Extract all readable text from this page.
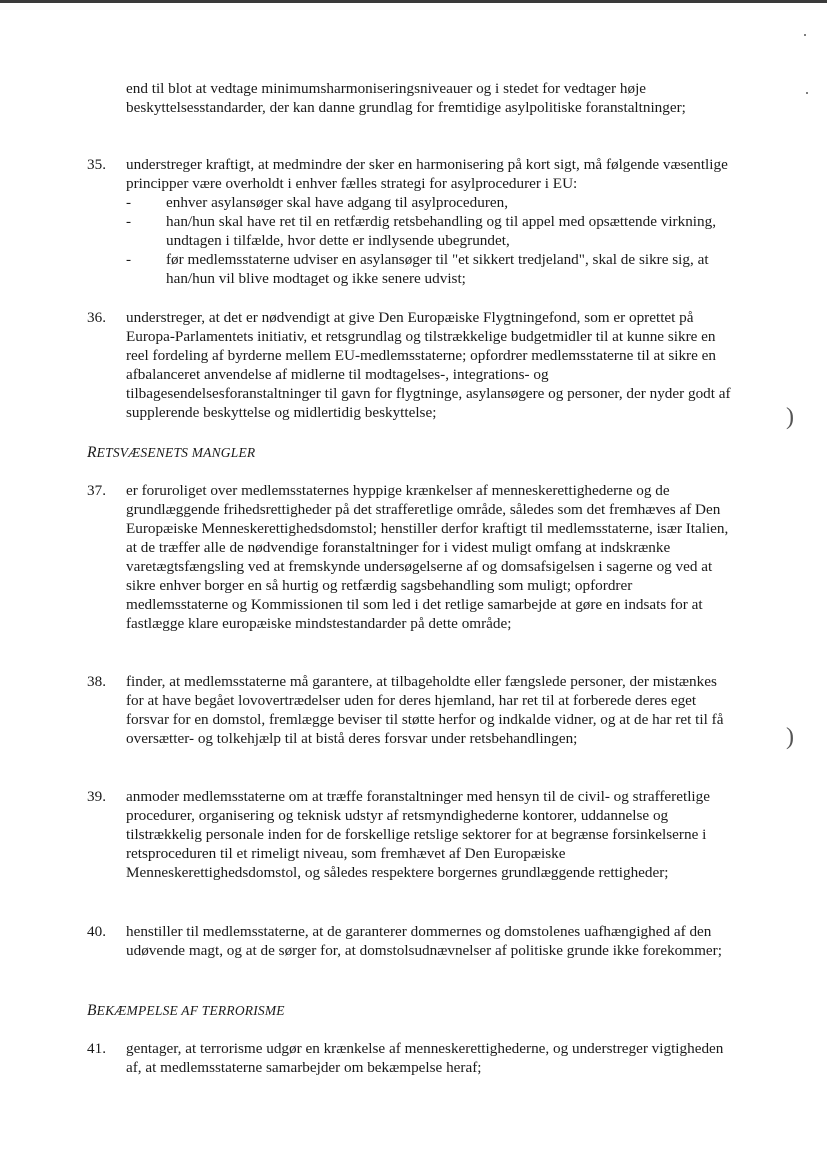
)
)

end til blot at vedtage minimumsharmoniseringsniveauer og i stedet for vedtager høje beskyttelsesstandarder, der kan danne grundlag for fremtidige asylpolitiske foranstaltninger;

35.	understreger kraftigt, at medmindre der sker en harmonisering på kort sigt, må følgende væsentlige principper være overholdt i enhver fælles strategi for asylprocedurer i EU:

- enhver asylansøger skal have adgang til asylproceduren,
- han/hun skal have ret til en retfærdig retsbehandling og til appel med opsættende virkning, undtagen i tilfælde, hvor dette er indlysende ubegrundet,
- før medlemsstaterne udviser en asylansøger til "et sikkert tredjeland", skal de sikre sig, at han/hun vil blive modtaget og ikke senere udvist;
36.	understreger, at det er nødvendigt at give Den Europæiske Flygtningefond, som er oprettet på Europa-Parlamentets initiativ, et retsgrundlag og tilstrækkelige budgetmidler til at kunne sikre en reel fordeling af byrderne mellem EU-medlemsstaterne; opfordrer medlemsstaterne til at sikre en afbalanceret anvendelse af midlerne til modtagelses-, integrations- og tilbagesendelsesforanstaltninger til gavn for flygtninge, asylansøgere og personer, der nyder godt af supplerende beskyttelse og midlertidig beskyttelse;

RETSVÆSENETS MANGLER
37.	er foruroliget over medlemsstaternes hyppige krænkelser af menneskerettighederne og de grundlæggende frihedsrettigheder på det strafferetlige område, således som det fremhæves af Den Europæiske Menneskerettighedsdomstol; henstiller derfor kraftigt til medlemsstaterne, især Italien, at de træffer alle de nødvendige foranstaltninger for i videst muligt omfang at indskrænke varetægtsfængsling ved at fremskynde undersøgelserne af og domsafsigelsen i sagerne og ved at sikre enhver borger en så hurtig og retfærdig sagsbehandling som muligt; opfordrer medlemsstaterne og Kommissionen til som led i det retlige samarbejde at gøre en indsats for at fastlægge klare europæiske mindstestandarder på dette område;

38.	finder, at medlemsstaterne må garantere, at tilbageholdte eller fængslede personer, der mistænkes for at have begået lovovertrædelser uden for deres hjemland, har ret til at forberede deres eget forsvar for en domstol, fremlægge beviser til støtte herfor og indkalde vidner, og at de har ret til få oversætter- og tolkehjælp til at bistå deres forsvar under retsbehandlingen;

39.	anmoder medlemsstaterne om at træffe foranstaltninger med hensyn til de civil- og strafferetlige procedurer, organisering og teknisk udstyr af retsmyndighederne kontorer, uddannelse og tilstrækkelig personale inden for de forskellige retslige sektorer for at begrænse forsinkelserne i retsproceduren til et rimeligt niveau, som fremhævet af Den Europæiske Menneskerettighedsdomstol, og således respektere borgernes grundlæggende rettigheder;

40.	henstiller til medlemsstaterne, at de garanterer dommernes og domstolenes uafhængighed af den udøvende magt, og at de sørger for, at domstolsudnævnelser af politiske grunde ikke forekommer;

BEKÆMPELSE AF TERRORISME
41.	gentager, at terrorisme udgør en krænkelse af menneskerettighederne, og understreger vigtigheden af, at medlemsstaterne samarbejder om bekæmpelse heraf;
